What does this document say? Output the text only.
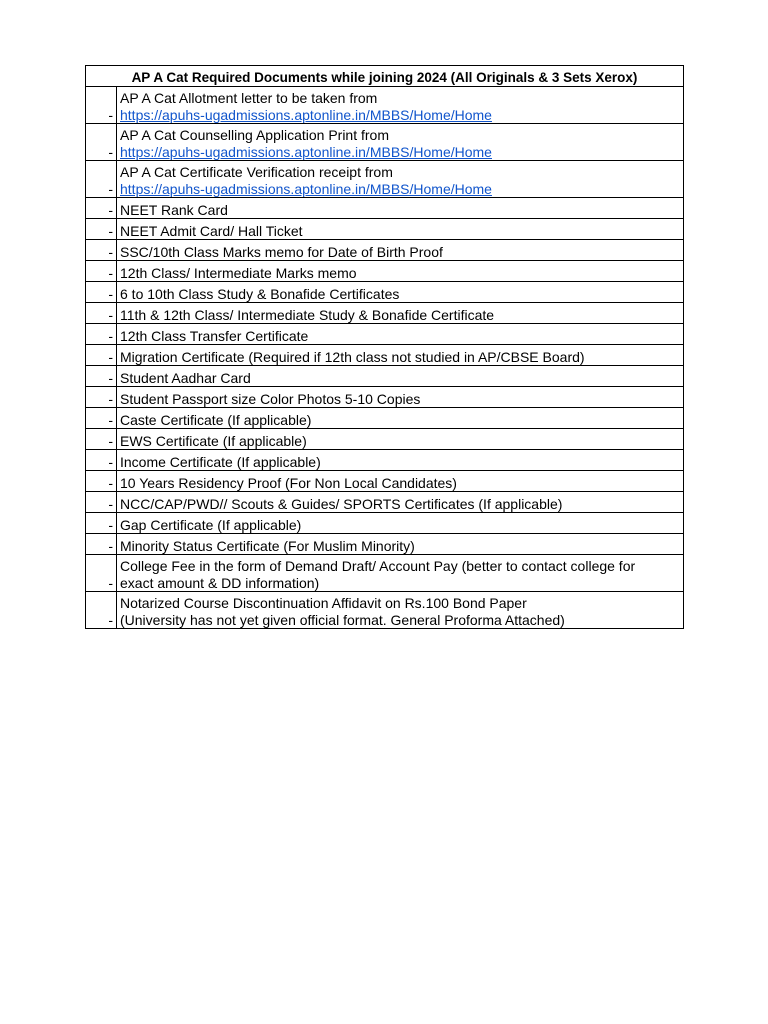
AP A Cat Required Documents while joining 2024 (All Originals & 3 Sets Xerox)	
-	AP A Cat Allotment letter to be taken from
https://apuhs-ugadmissions.aptonline.in/MBBS/Home/Home

-	AP A Cat Counselling Application Print from
https://apuhs-ugadmissions.aptonline.in/MBBS/Home/Home

-	AP A Cat Certificate Verification receipt from
https://apuhs-ugadmissions.aptonline.in/MBBS/Home/Home

-	NEET Rank Card

-	NEET Admit Card/ Hall Ticket

-	SSC/10th Class Marks memo for Date of Birth Proof

-	12th Class/ Intermediate Marks memo

-	6 to 10th Class Study & Bonafide Certificates

-	11th & 12th Class/ Intermediate Study & Bonafide Certificate

-	12th Class Transfer Certificate

-	Migration Certificate (Required if 12th class not studied in AP/CBSE Board)

-	Student Aadhar Card

-	Student Passport size Color Photos 5-10 Copies

-	Caste Certificate (If applicable)

-	EWS Certificate (If applicable)

-	Income Certificate (If applicable)

-	10 Years Residency Proof (For Non Local Candidates)

-	NCC/CAP/PWD// Scouts & Guides/ SPORTS Certificates (If applicable)

-	Gap Certificate (If applicable)

-	Minority Status Certificate (For Muslim Minority)

-	College Fee in the form of Demand Draft/ Account Pay (better to contact college for
exact amount & DD information)

-	Notarized Course Discontinuation Affidavit on Rs.100 Bond Paper
(University has not yet given official format. General Proforma Attached)
